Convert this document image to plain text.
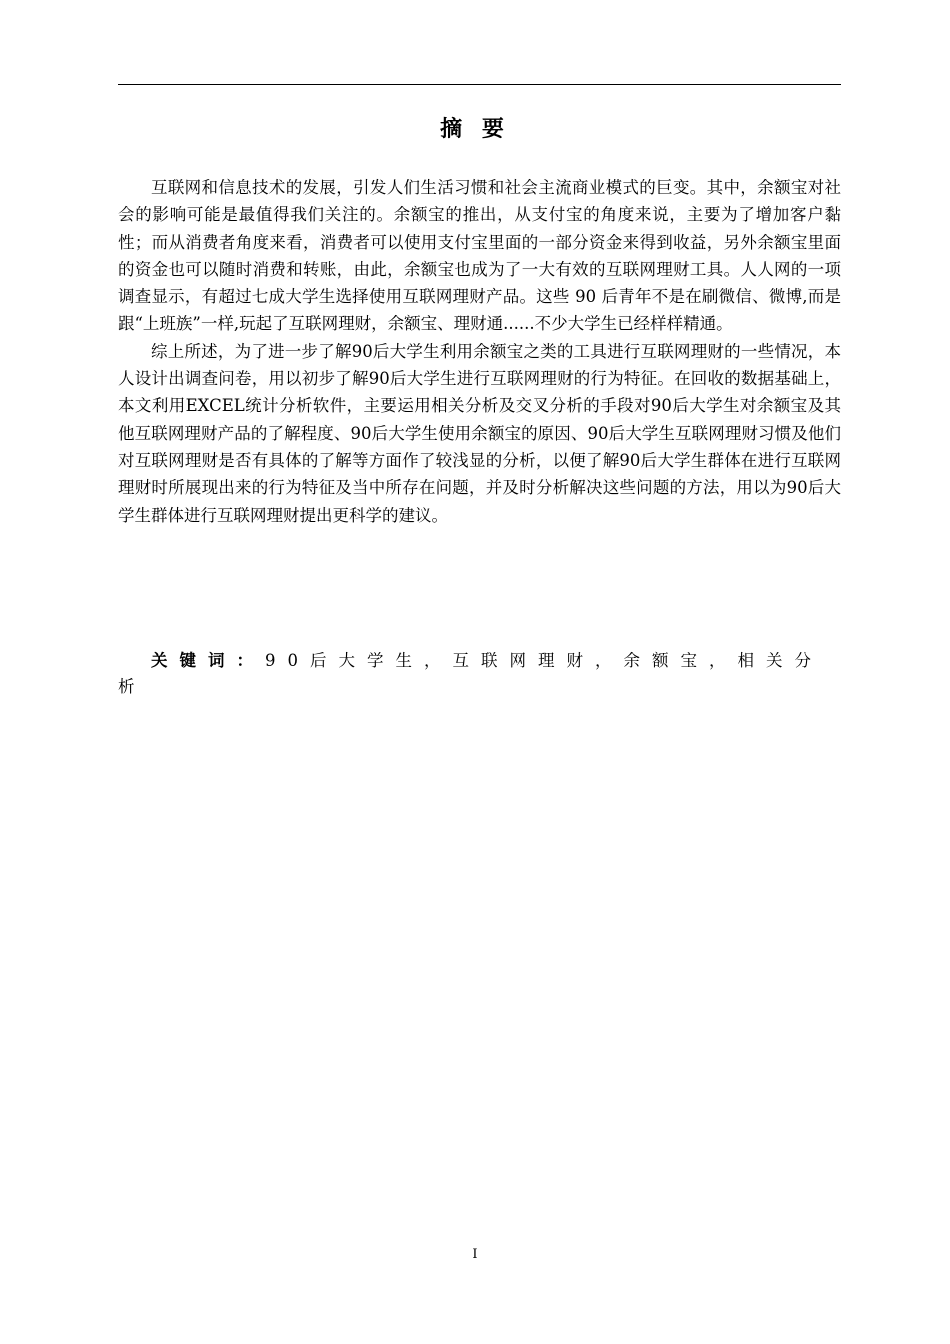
摘 要

互联网和信息技术的发展，引发人们生活习惯和社会主流商业模式的巨变。其中，余额宝对社会的影响可能是最值得我们关注的。余额宝的推出，从支付宝的角度来说，主要为了增加客户黏性；而从消费者角度来看，消费者可以使用支付宝里面的一部分资金来得到收益，另外余额宝里面的资金也可以随时消费和转账，由此，余额宝也成为了一大有效的互联网理财工具。人人网的一项调查显示，有超过七成大学生选择使用互联网理财产品。这些 90 后青年不是在刷微信、微博,而是 跟“上班族”一样,玩起了互联网理财，余额宝、理财通......不少大学生已经样样精通。

综上所述，为了进一步了解90后大学生利用余额宝之类的工具进行互联网理财的一些情况，本人设计出调查问卷，用以初步了解90后大学生进行互联网理财的行为特征。在回收的数据基础上，本文利用EXCEL统计分析软件，主要运用相关分析及交叉分析的手段对90后大学生对余额宝及其他互联网理财产品的了解程度、90后大学生使用余额宝的原因、90后大学生互联网理财习惯及他们对互联网理财是否有具体的了解等方面作了较浅显的分析，以便了解90后大学生群体在进行互联网理财时所展现出来的行为特征及当中所存在问题，并及时分析解决这些问题的方法，用以为90后大学生群体进行互联网理财提出更科学的建议。

关键词：90后大学生，互联网理财，余额宝，相关分析
I
